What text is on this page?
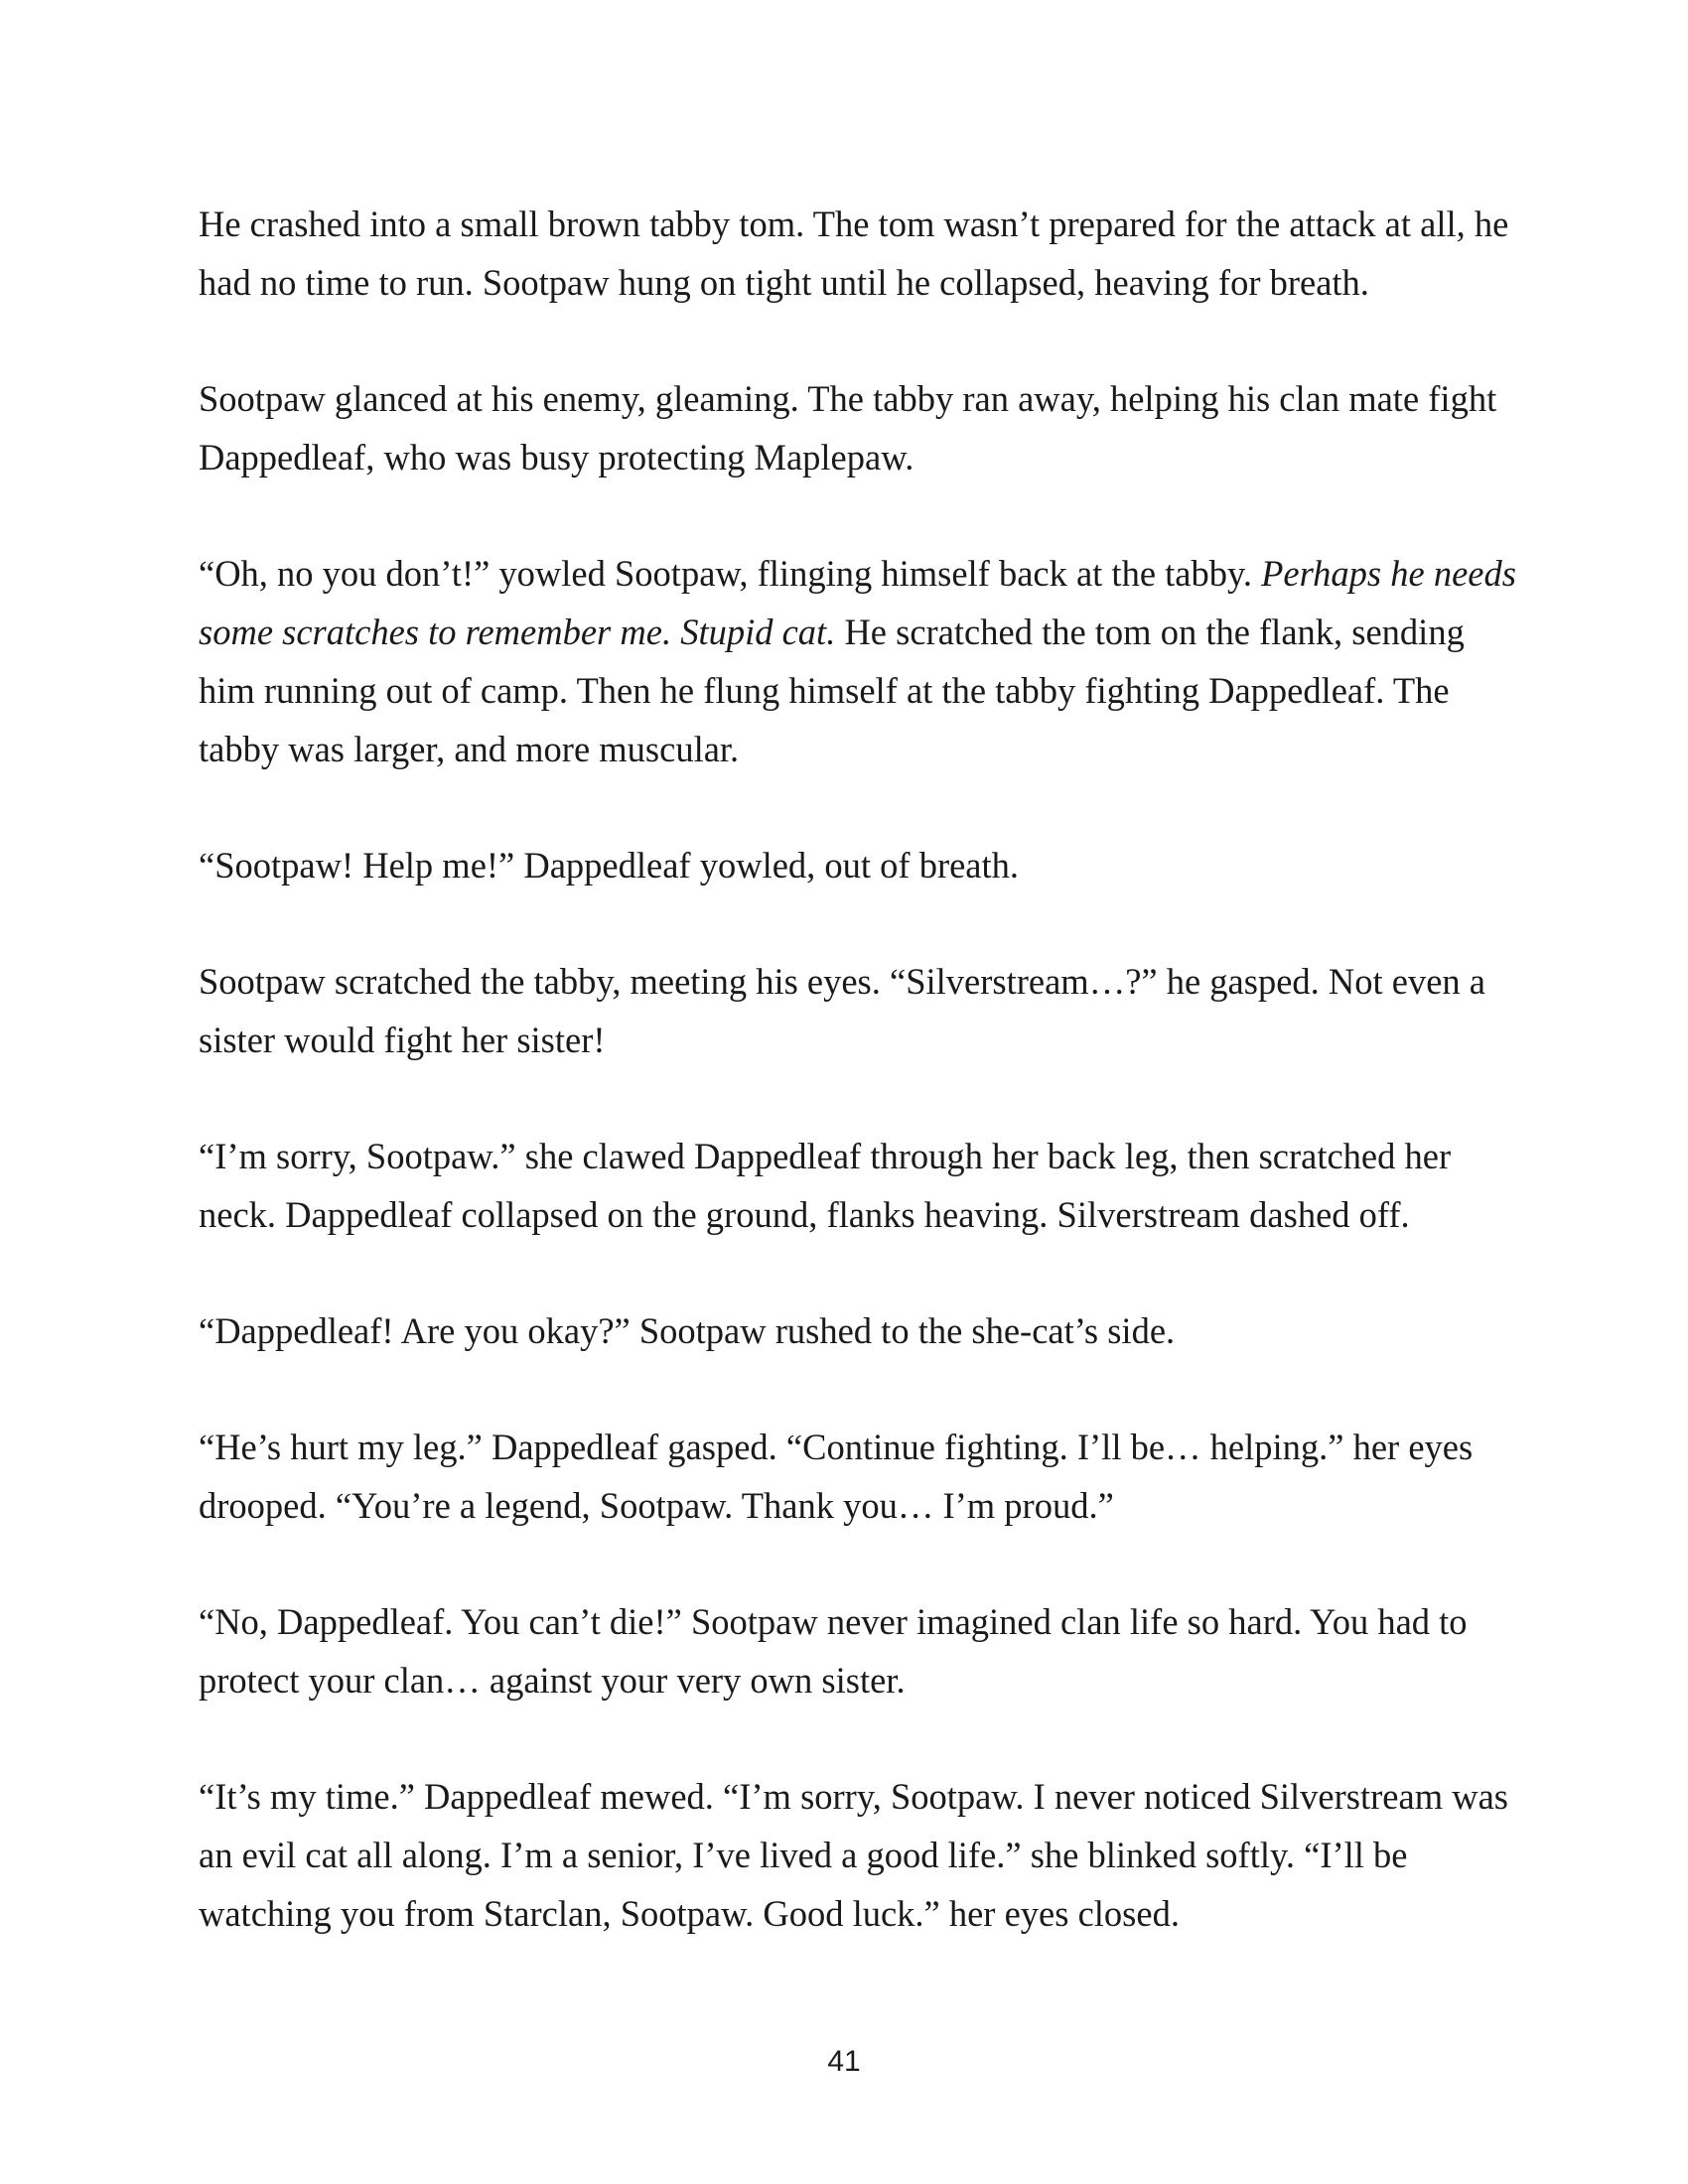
He crashed into a small brown tabby tom. The tom wasn’t prepared for the attack at all, he had no time to run. Sootpaw hung on tight until he collapsed, heaving for breath.

Sootpaw glanced at his enemy, gleaming. The tabby ran away, helping his clan mate fight Dappedleaf, who was busy protecting Maplepaw.

“Oh, no you don’t!” yowled Sootpaw, flinging himself back at the tabby. Perhaps he needs some scratches to remember me. Stupid cat. He scratched the tom on the flank, sending him running out of camp. Then he flung himself at the tabby fighting Dappedleaf. The tabby was larger, and more muscular.

“Sootpaw! Help me!” Dappedleaf yowled, out of breath.

Sootpaw scratched the tabby, meeting his eyes. “Silverstream…?” he gasped. Not even a sister would fight her sister!

“I’m sorry, Sootpaw.” she clawed Dappedleaf through her back leg, then scratched her neck. Dappedleaf collapsed on the ground, flanks heaving. Silverstream dashed off.

“Dappedleaf! Are you okay?” Sootpaw rushed to the she-cat’s side.

“He’s hurt my leg.” Dappedleaf gasped. “Continue fighting. I’ll be… helping.” her eyes drooped. “You’re a legend, Sootpaw. Thank you… I’m proud.”

“No, Dappedleaf. You can’t die!” Sootpaw never imagined clan life so hard. You had to protect your clan… against your very own sister.

“It’s my time.” Dappedleaf mewed. “I’m sorry, Sootpaw. I never noticed Silverstream was an evil cat all along. I’m a senior, I’ve lived a good life.” she blinked softly. “I’ll be watching you from Starclan, Sootpaw. Good luck.” her eyes closed.

41
